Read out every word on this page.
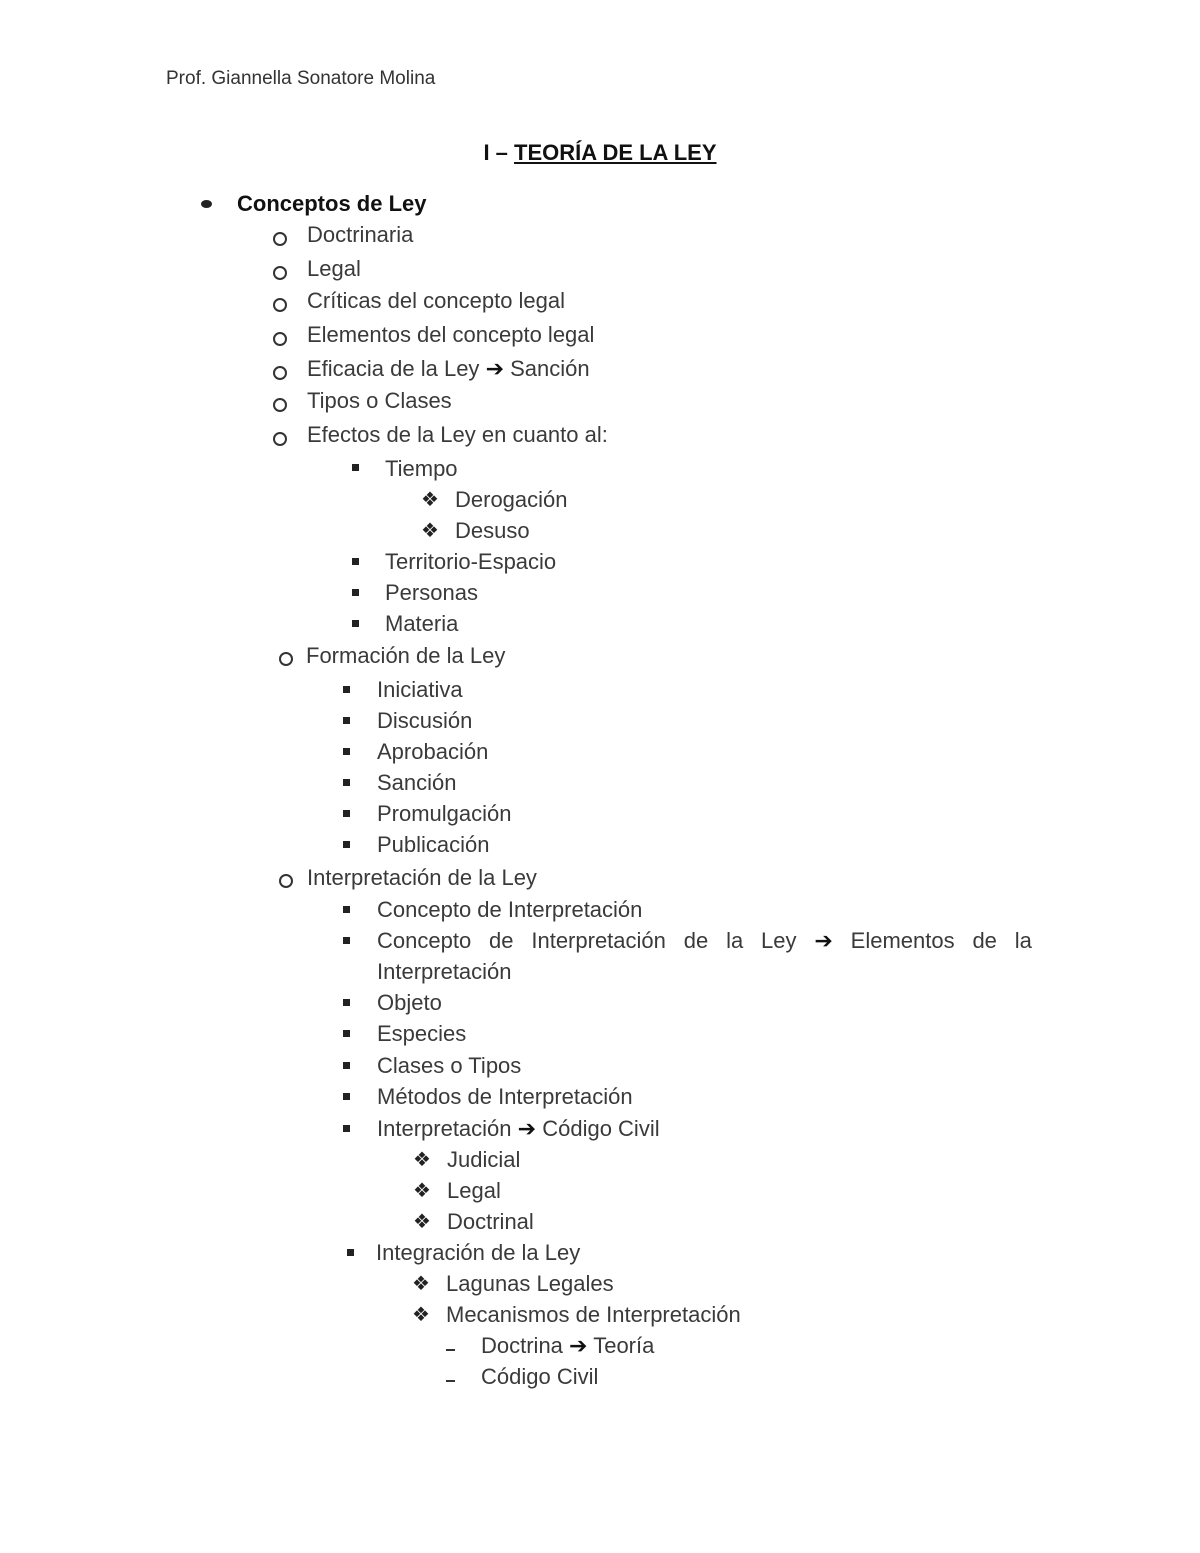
Prof. Giannella Sonatore Molina
I – TEORÍA DE LA LEY
Conceptos de Ley
Doctrinaria
Legal
Críticas del concepto legal
Elementos del concepto legal
Eficacia de la Ley ➔ Sanción
Tipos o Clases
Efectos de la Ley en cuanto al:
Tiempo
❖ Derogación
❖ Desuso
Territorio-Espacio
Personas
Materia
Formación de la Ley
Iniciativa
Discusión
Aprobación
Sanción
Promulgación
Publicación
Interpretación de la Ley
Concepto de Interpretación
Concepto de Interpretación de la Ley ➔ Elementos de la
Interpretación
Objeto
Especies
Clases o Tipos
Métodos de Interpretación
Interpretación ➔ Código Civil
❖ Judicial
❖ Legal
❖ Doctrinal
Integración de la Ley
❖ Lagunas Legales
❖ Mecanismos de Interpretación
Doctrina ➔ Teoría
Código Civil
